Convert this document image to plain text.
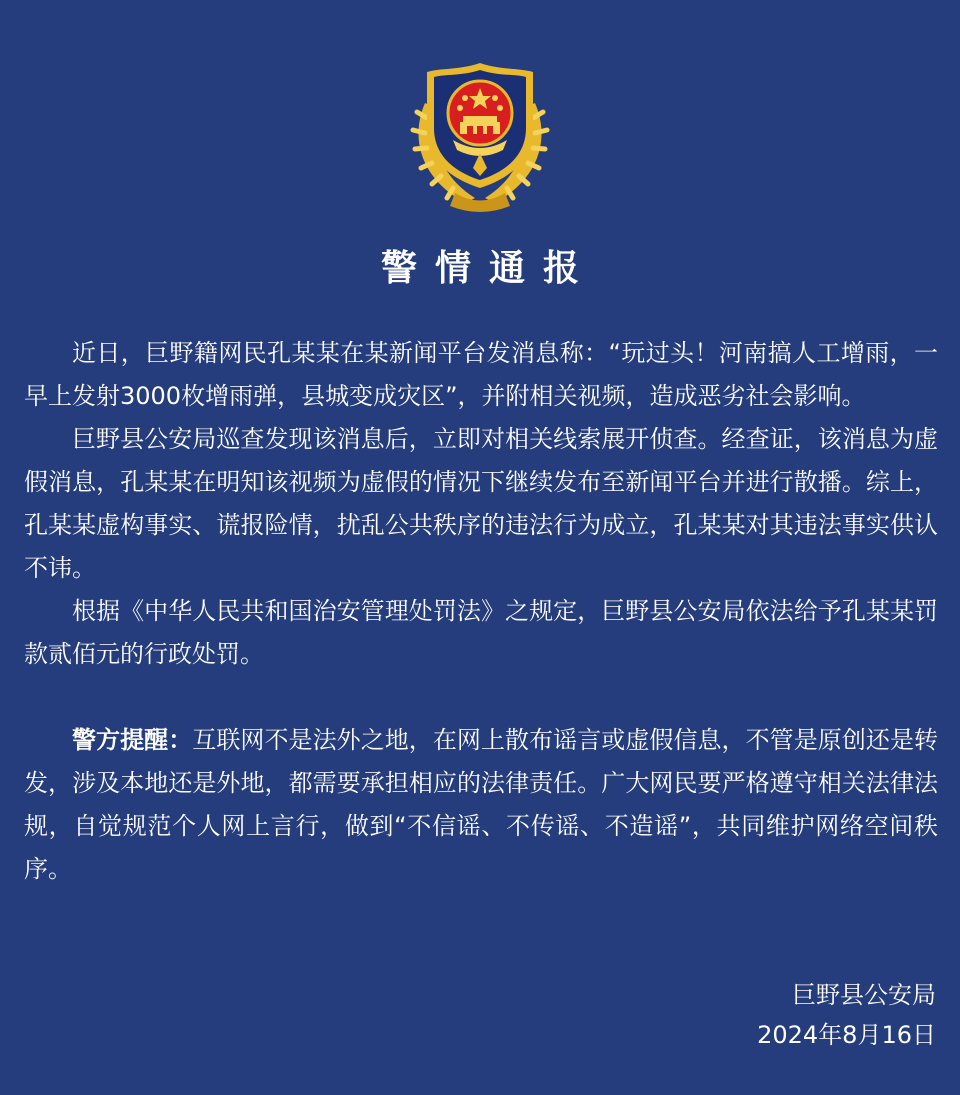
警情通报

近日，巨野籍网民孔某某在某新闻平台发消息称：“玩过头！河南搞人工增雨，一早上发射3000枚增雨弹，县城变成灾区”，并附相关视频，造成恶劣社会影响。

巨野县公安局巡查发现该消息后，立即对相关线索展开侦查。经查证，该消息为虚假消息，孔某某在明知该视频为虚假的情况下继续发布至新闻平台并进行散播。综上，孔某某虚构事实、谎报险情，扰乱公共秩序的违法行为成立，孔某某对其违法事实供认不讳。

根据《中华人民共和国治安管理处罚法》之规定，巨野县公安局依法给予孔某某罚款贰佰元的行政处罚。

警方提醒：互联网不是法外之地，在网上散布谣言或虚假信息，不管是原创还是转发，涉及本地还是外地，都需要承担相应的法律责任。广大网民要严格遵守相关法律法规，自觉规范个人网上言行，做到“不信谣、不传谣、不造谣”，共同维护网络空间秩序。

巨野县公安局
2024年8月16日
